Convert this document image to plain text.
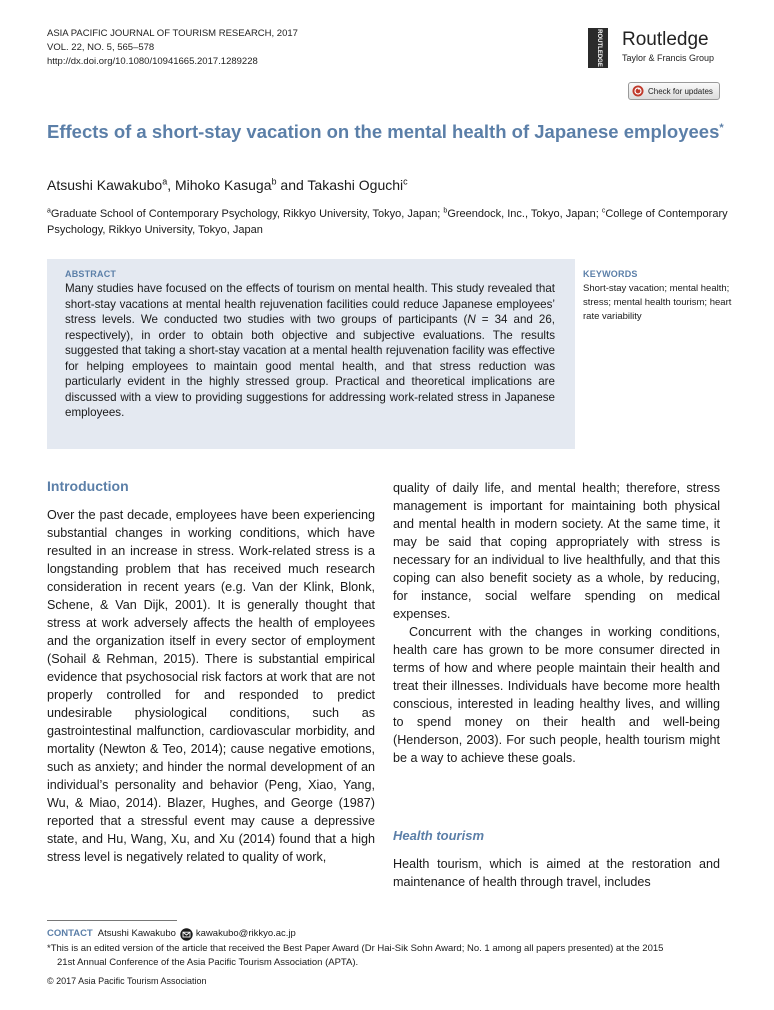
ASIA PACIFIC JOURNAL OF TOURISM RESEARCH, 2017
VOL. 22, NO. 5, 565–578
http://dx.doi.org/10.1080/10941665.2017.1289228	ROUTLEDGE Routledge
Taylor & Francis Group
Check for updates
Effects of a short-stay vacation on the mental health of Japanese employees*
Atsushi Kawakubo$^a$, Mihoko Kasuga$^b$ and Takashi Oguchi$^c$
$^a$Graduate School of Contemporary Psychology, Rikkyo University, Tokyo, Japan; $^b$Greendock, Inc., Tokyo, Japan; $^c$College of Contemporary Psychology, Rikkyo University, Tokyo, Japan
ABSTRACT

Many studies have focused on the effects of tourism on mental health. This study revealed that short-stay vacations at mental health rejuvenation facilities could reduce Japanese employees’ stress levels. We conducted two studies with two groups of participants (N = 34 and 26, respectively), in order to obtain both objective and subjective evaluations. The results suggested that taking a short-stay vacation at a mental health rejuvenation facility was effective for helping employees to maintain good mental health, and that stress reduction was particularly evident in the highly stressed group. Practical and theoretical implications are discussed with a view to providing suggestions for addressing work-related stress in Japanese employees.

KEYWORDS
Short-stay vacation; mental health; stress; mental health tourism; heart rate variability
Introduction

Over the past decade, employees have been experiencing substantial changes in working conditions, which have resulted in an increase in stress. Work-related stress is a longstanding problem that has received much research consideration in recent years (e.g. Van der Klink, Blonk, Schene, & Van Dijk, 2001). It is generally thought that stress at work adversely affects the health of employees and the organization itself in every sector of employment (Sohail & Rehman, 2015). There is substantial empirical evidence that psychosocial risk factors at work that are not properly controlled for and responded to predict undesirable physiological conditions, such as gastrointestinal malfunction, cardiovascular morbidity, and mortality (Newton & Teo, 2014); cause negative emotions, such as anxiety; and hinder the normal development of an individual’s personality and behavior (Peng, Xiao, Yang, Wu, & Miao, 2014). Blazer, Hughes, and George (1987) reported that a stressful event may cause a depressive state, and Hu, Wang, Xu, and Xu (2014) found that a high stress level is negatively related to quality of work,

quality of daily life, and mental health; therefore, stress management is important for maintaining both physical and mental health in modern society. At the same time, it may be said that coping appropriately with stress is necessary for an individual to live healthfully, and that this coping can also benefit society as a whole, by reducing, for instance, social welfare spending on medical expenses.

Concurrent with the changes in working conditions, health care has grown to be more consumer directed in terms of how and where people maintain their health and treat their illnesses. Individuals have become more health conscious, interested in leading healthy lives, and willing to spend money on their health and well-being (Henderson, 2003). For such people, health tourism might be a way to achieve these goals.

Health tourism

Health tourism, which is aimed at the restoration and maintenance of health through travel, includes

CONTACT Atsushi Kawakubo kawakubo@rikkyo.ac.jp
*This is an edited version of the article that received the Best Paper Award (Dr Hai-Sik Sohn Award; No. 1 among all papers presented) at the 2015
21st Annual Conference of the Asia Pacific Tourism Association (APTA).
© 2017 Asia Pacific Tourism Association
